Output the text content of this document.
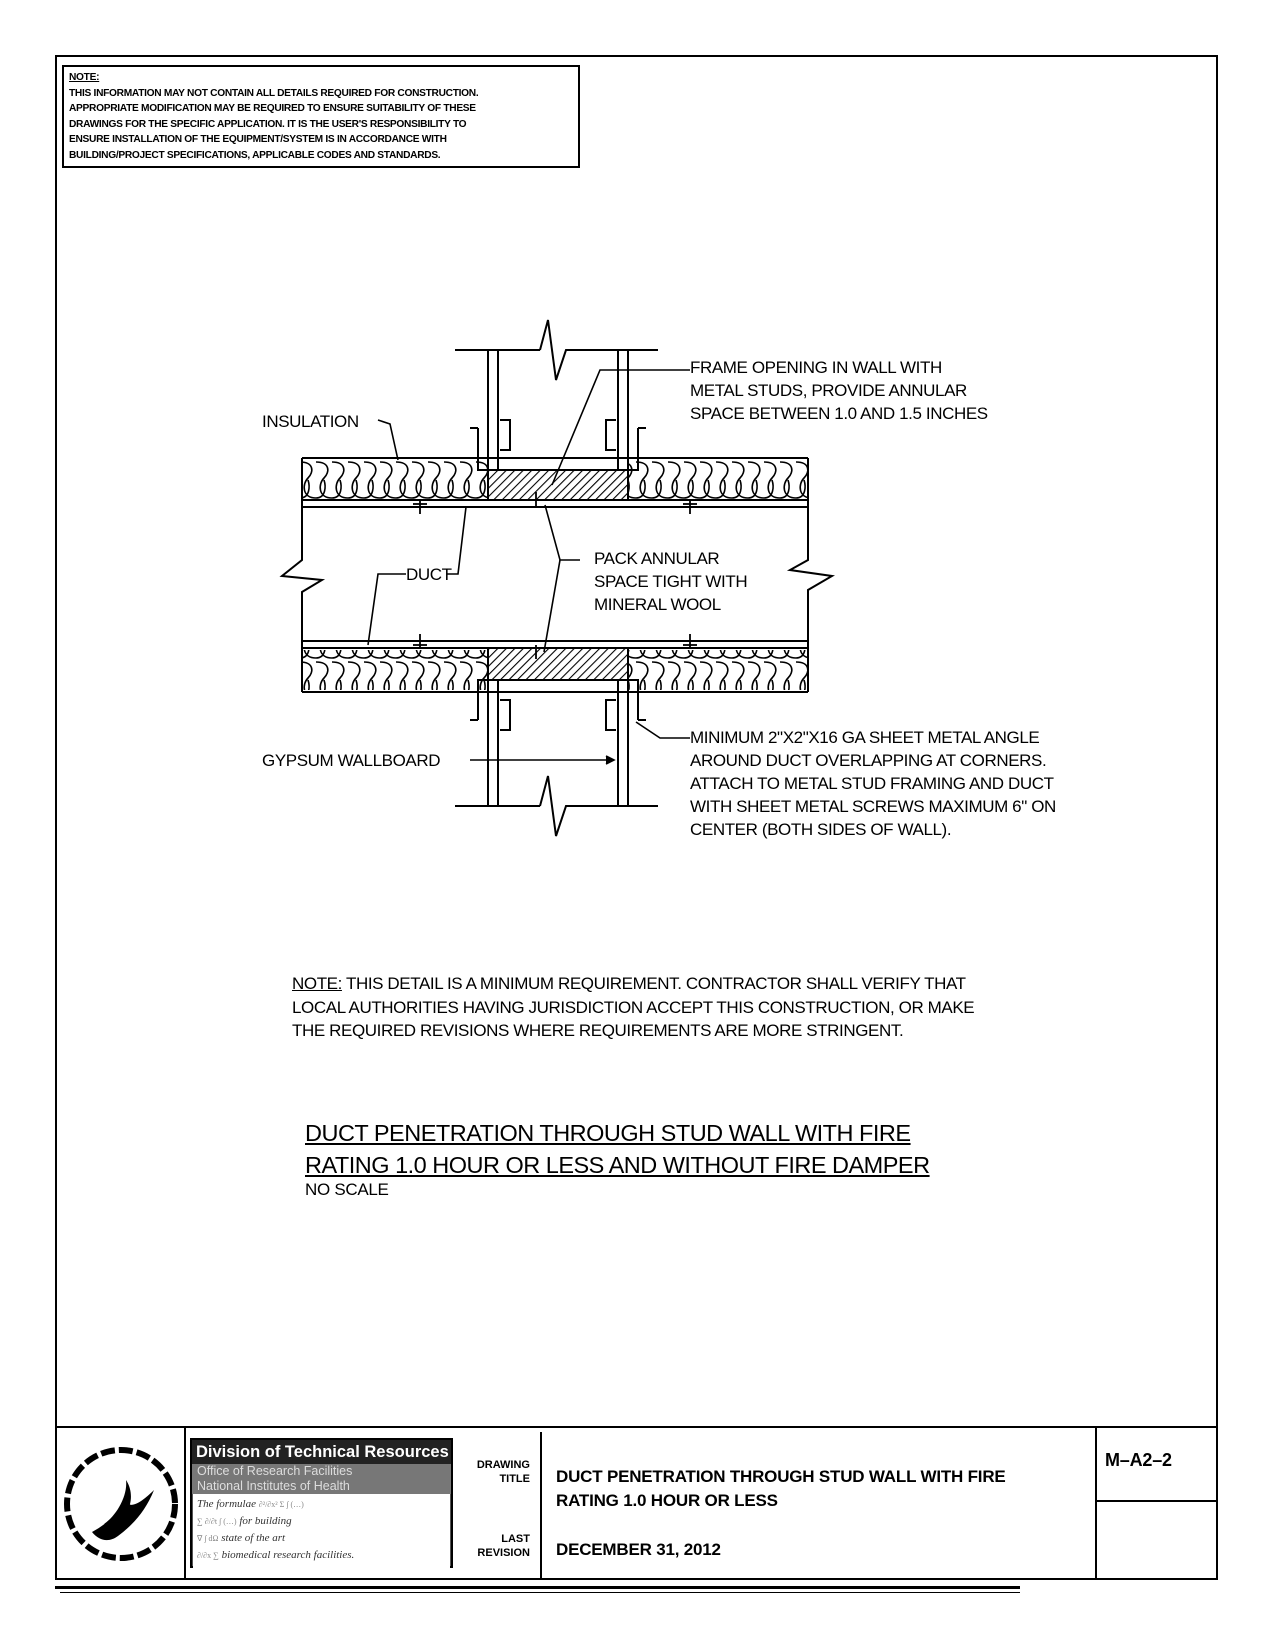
NOTE:
THIS INFORMATION MAY NOT CONTAIN ALL DETAILS REQUIRED FOR CONSTRUCTION.
APPROPRIATE MODIFICATION MAY BE REQUIRED TO ENSURE SUITABILITY OF THESE
DRAWINGS FOR THE SPECIFIC APPLICATION. IT IS THE USER'S RESPONSIBILITY TO
ENSURE INSTALLATION OF THE EQUIPMENT/SYSTEM IS IN ACCORDANCE WITH
BUILDING/PROJECT SPECIFICATIONS, APPLICABLE CODES AND STANDARDS.
FRAME OPENING IN WALL WITH
METAL STUDS, PROVIDE ANNULAR
SPACE BETWEEN 1.0 AND 1.5 INCHES
INSULATION
PACK ANNULAR
SPACE TIGHT WITH
MINERAL WOOL
DUCT
GYPSUM WALLBOARD
MINIMUM 2"X2"X16 GA SHEET METAL ANGLE
AROUND DUCT OVERLAPPING AT CORNERS.
ATTACH TO METAL STUD FRAMING AND DUCT
WITH SHEET METAL SCREWS MAXIMUM 6" ON
CENTER (BOTH SIDES OF WALL).
NOTE: THIS DETAIL IS A MINIMUM REQUIREMENT. CONTRACTOR SHALL VERIFY THAT
LOCAL AUTHORITIES HAVING JURISDICTION ACCEPT THIS CONSTRUCTION, OR MAKE
THE REQUIRED REVISIONS WHERE REQUIREMENTS ARE MORE STRINGENT.
DUCT PENETRATION THROUGH STUD WALL WITH FIRE
RATING 1.0 HOUR OR LESS AND WITHOUT FIRE DAMPER
NO SCALE
Division of Technical Resources
Office of Research Facilities
National Institutes of Health
The formulae ∂²/∂x² Σ ∫ (…)
∑ ∂/∂t ∫ (…) for building
∇ ∫ dΩ state of the art
∂/∂x ∑ biomedical research facilities.
DRAWING
TITLE DUCT PENETRATION THROUGH STUD WALL WITH FIRE
RATING 1.0 HOUR OR LESS
LAST
REVISION DECEMBER 31, 2012
M–A2–2
